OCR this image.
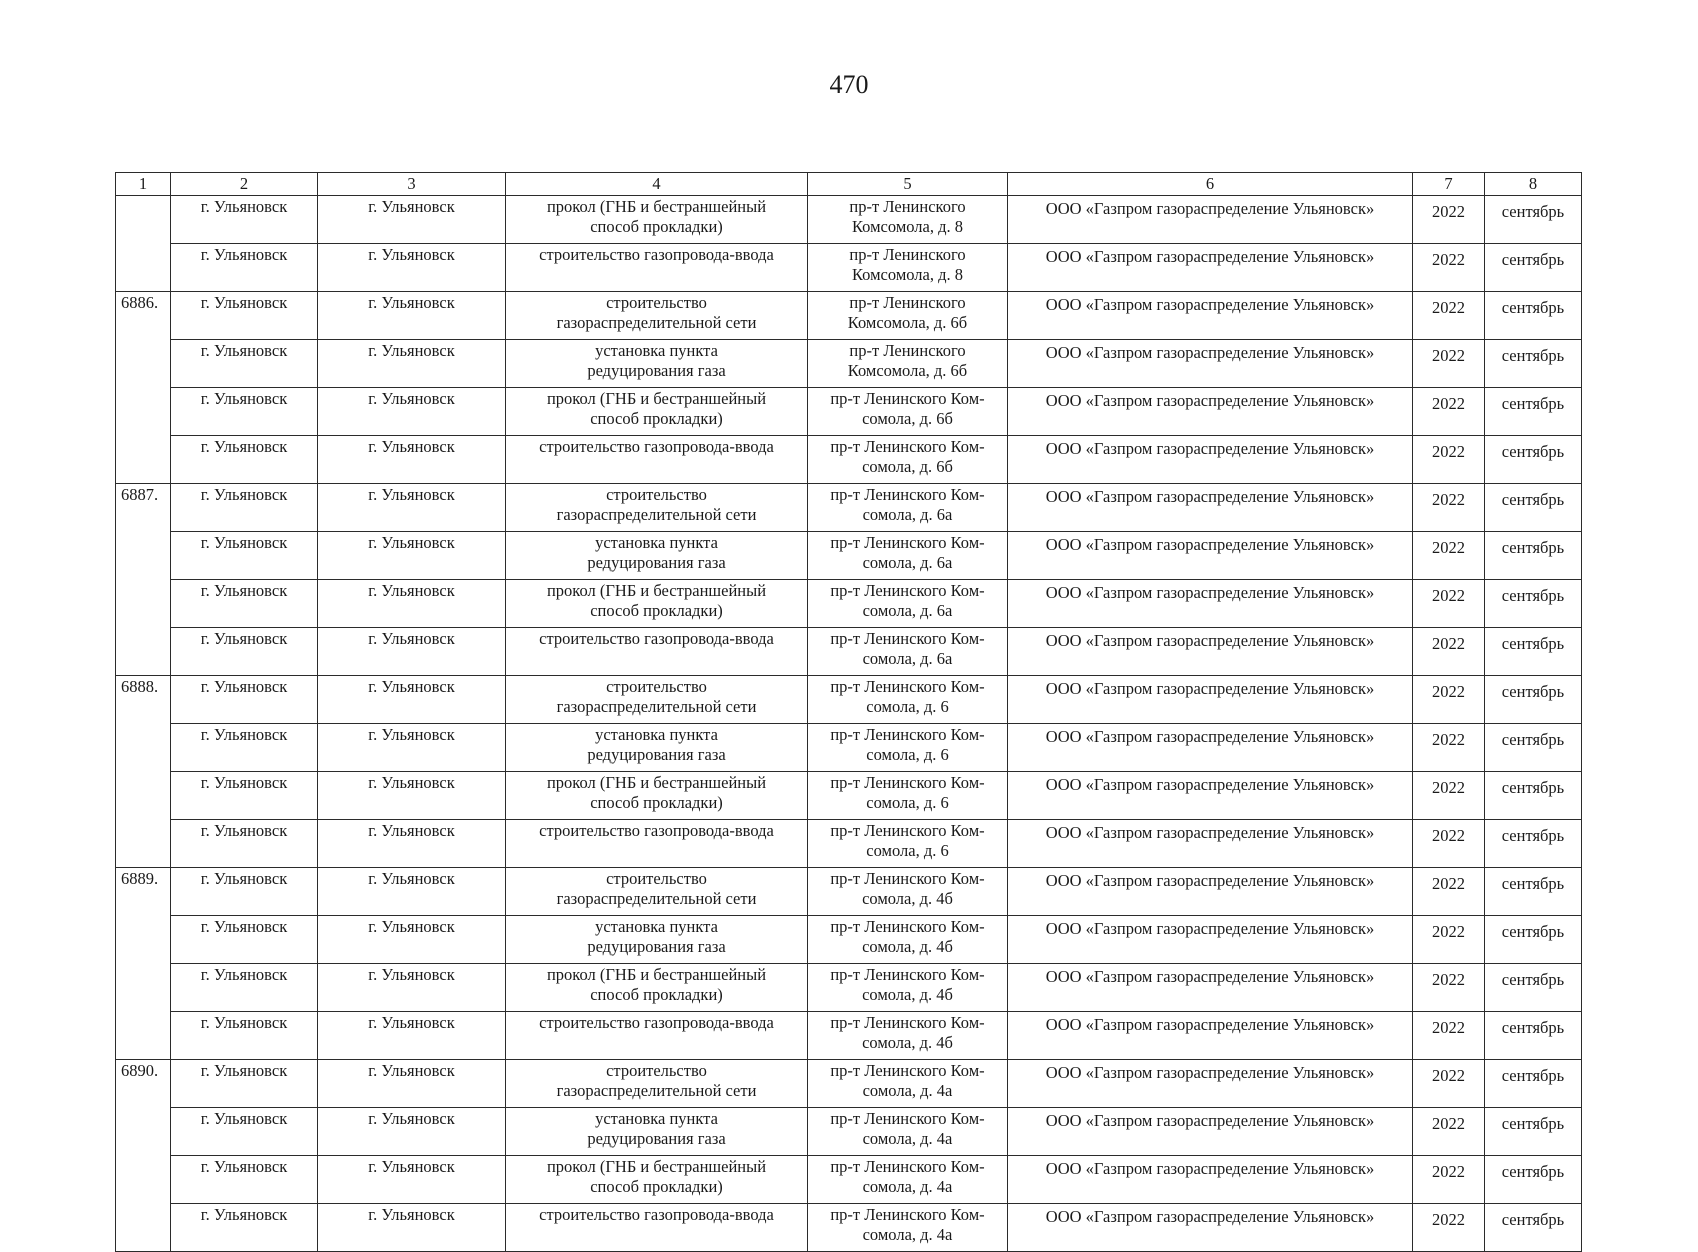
470
1	2	3	4	5	6	7	8
	г. Ульяновск	г. Ульяновск	прокол (ГНБ и бестраншейный
способ прокладки)	пр-т Ленинского
Комсомола, д. 8	ООО «Газпром газораспределение Ульяновск»	2022	сентябрь
	г. Ульяновск	г. Ульяновск	строительство газопровода-ввода	пр-т Ленинского
Комсомола, д. 8	ООО «Газпром газораспределение Ульяновск»	2022	сентябрь
6886.	г. Ульяновск	г. Ульяновск	строительство
газораспределительной сети	пр-т Ленинского
Комсомола, д. 6б	ООО «Газпром газораспределение Ульяновск»	2022	сентябрь
	г. Ульяновск	г. Ульяновск	установка пункта
редуцирования газа	пр-т Ленинского
Комсомола, д. 6б	ООО «Газпром газораспределение Ульяновск»	2022	сентябрь
	г. Ульяновск	г. Ульяновск	прокол (ГНБ и бестраншейный
способ прокладки)	пр-т Ленинского Ком-
сомола, д. 6б	ООО «Газпром газораспределение Ульяновск»	2022	сентябрь
	г. Ульяновск	г. Ульяновск	строительство газопровода-ввода	пр-т Ленинского Ком-
сомола, д. 6б	ООО «Газпром газораспределение Ульяновск»	2022	сентябрь
6887.	г. Ульяновск	г. Ульяновск	строительство
газораспределительной сети	пр-т Ленинского Ком-
сомола, д. 6а	ООО «Газпром газораспределение Ульяновск»	2022	сентябрь
	г. Ульяновск	г. Ульяновск	установка пункта
редуцирования газа	пр-т Ленинского Ком-
сомола, д. 6а	ООО «Газпром газораспределение Ульяновск»	2022	сентябрь
	г. Ульяновск	г. Ульяновск	прокол (ГНБ и бестраншейный
способ прокладки)	пр-т Ленинского Ком-
сомола, д. 6а	ООО «Газпром газораспределение Ульяновск»	2022	сентябрь
	г. Ульяновск	г. Ульяновск	строительство газопровода-ввода	пр-т Ленинского Ком-
сомола, д. 6а	ООО «Газпром газораспределение Ульяновск»	2022	сентябрь
6888.	г. Ульяновск	г. Ульяновск	строительство
газораспределительной сети	пр-т Ленинского Ком-
сомола, д. 6	ООО «Газпром газораспределение Ульяновск»	2022	сентябрь
	г. Ульяновск	г. Ульяновск	установка пункта
редуцирования газа	пр-т Ленинского Ком-
сомола, д. 6	ООО «Газпром газораспределение Ульяновск»	2022	сентябрь
	г. Ульяновск	г. Ульяновск	прокол (ГНБ и бестраншейный
способ прокладки)	пр-т Ленинского Ком-
сомола, д. 6	ООО «Газпром газораспределение Ульяновск»	2022	сентябрь
	г. Ульяновск	г. Ульяновск	строительство газопровода-ввода	пр-т Ленинского Ком-
сомола, д. 6	ООО «Газпром газораспределение Ульяновск»	2022	сентябрь
6889.	г. Ульяновск	г. Ульяновск	строительство
газораспределительной сети	пр-т Ленинского Ком-
сомола, д. 4б	ООО «Газпром газораспределение Ульяновск»	2022	сентябрь
	г. Ульяновск	г. Ульяновск	установка пункта
редуцирования газа	пр-т Ленинского Ком-
сомола, д. 4б	ООО «Газпром газораспределение Ульяновск»	2022	сентябрь
	г. Ульяновск	г. Ульяновск	прокол (ГНБ и бестраншейный
способ прокладки)	пр-т Ленинского Ком-
сомола, д. 4б	ООО «Газпром газораспределение Ульяновск»	2022	сентябрь
	г. Ульяновск	г. Ульяновск	строительство газопровода-ввода	пр-т Ленинского Ком-
сомола, д. 4б	ООО «Газпром газораспределение Ульяновск»	2022	сентябрь
6890.	г. Ульяновск	г. Ульяновск	строительство
газораспределительной сети	пр-т Ленинского Ком-
сомола, д. 4а	ООО «Газпром газораспределение Ульяновск»	2022	сентябрь
	г. Ульяновск	г. Ульяновск	установка пункта
редуцирования газа	пр-т Ленинского Ком-
сомола, д. 4а	ООО «Газпром газораспределение Ульяновск»	2022	сентябрь
	г. Ульяновск	г. Ульяновск	прокол (ГНБ и бестраншейный
способ прокладки)	пр-т Ленинского Ком-
сомола, д. 4а	ООО «Газпром газораспределение Ульяновск»	2022	сентябрь
	г. Ульяновск	г. Ульяновск	строительство газопровода-ввода	пр-т Ленинского Ком-
сомола, д. 4а	ООО «Газпром газораспределение Ульяновск»	2022	сентябрь
